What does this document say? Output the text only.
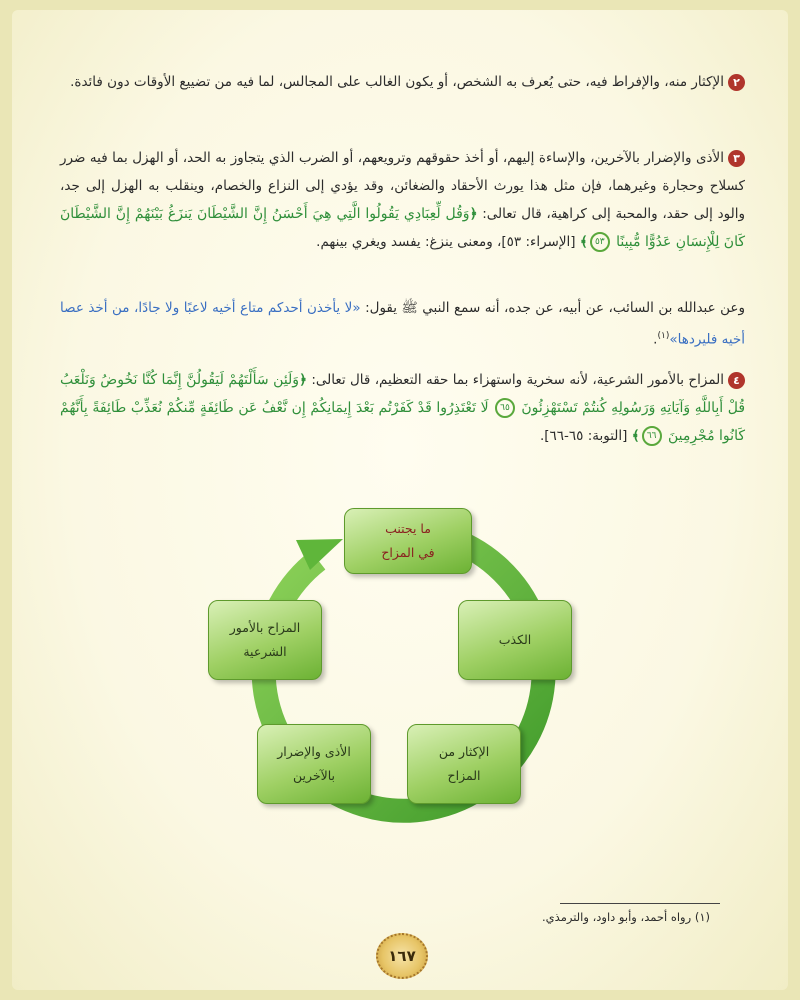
٢الإكثار منه، والإفراط فيه، حتى يُعرف به الشخص، أو يكون الغالب على المجالس، لما فيه من تضييع الأوقات دون فائدة.
٣الأذى والإضرار بالآخرين، والإساءة إليهم، أو أخذ حقوقهم وترويعهم، أو الضرب الذي يتجاوز به الحد، أو الهزل بما فيه ضرر كسلاح وحجارة وغيرهما، فإن مثل هذا يورث الأحقاد والضغائن، وقد يؤدي إلى النزاع والخصام، وينقلب به الهزل إلى جد، والود إلى حقد، والمحبة إلى كراهية، قال تعالى: ﴿وَقُل لِّعِبَادِي يَقُولُوا الَّتِي هِيَ أَحْسَنُ إِنَّ الشَّيْطَانَ يَنزَغُ بَيْنَهُمْ إِنَّ الشَّيْطَانَ كَانَ لِلْإِنسَانِ عَدُوًّا مُّبِينًا ٥٣﴾ [الإسراء: ٥٣]، ومعنى ينزغ: يفسد ويغري بينهم.
وعن عبدالله بن السائب، عن أبيه، عن جده، أنه سمع النبي ﷺ يقول: «لا يأخذن أحدكم متاع أخيه لاعبًا ولا جادًا، من أخذ عصا أخيه فليردها»$^{(١)}$.
٤المزاح بالأمور الشرعية، لأنه سخرية واستهزاء بما حقه التعظيم، قال تعالى: ﴿وَلَئِن سَأَلْتَهُمْ لَيَقُولُنَّ إِنَّمَا كُنَّا نَخُوضُ وَنَلْعَبُ قُلْ أَبِاللَّهِ وَآيَاتِهِ وَرَسُولِهِ كُنتُمْ تَسْتَهْزِئُونَ ٦٥ لَا تَعْتَذِرُوا قَدْ كَفَرْتُم بَعْدَ إِيمَانِكُمْ إِن نَّعْفُ عَن طَائِفَةٍ مِّنكُمْ نُعَذِّبْ طَائِفَةً بِأَنَّهُمْ كَانُوا مُجْرِمِينَ ٦٦﴾ [التوبة: ٦٥-٦٦].
ما يجتنب
في المزاح
الكذب
الإكثار من
المزاح
الأذى والإضرار
بالآخرين
المزاح بالأمور
الشرعية
(١) رواه أحمد، وأبو داود، والترمذي.
١٦٧
